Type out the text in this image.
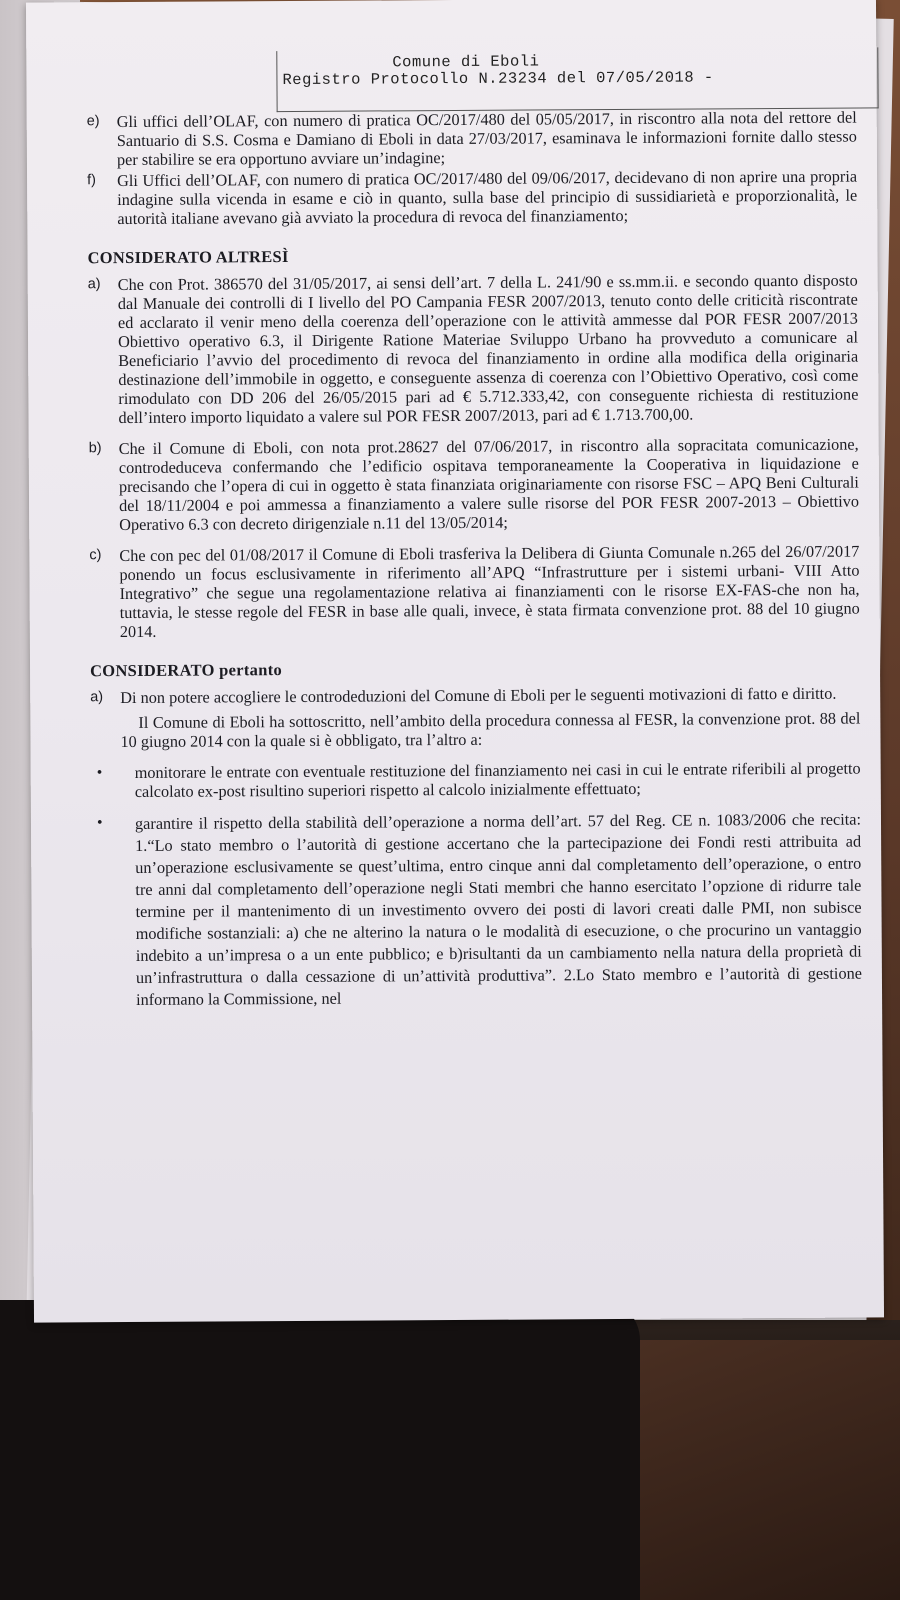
Comune di Eboli
Registro Protocollo N.23234 del 07/05/2018 -
e)	Gli uffici dell’OLAF, con numero di pratica OC/2017/480 del 05/05/2017, in riscontro alla nota del rettore del Santuario di S.S. Cosma e Damiano di Eboli in data 27/03/2017, esaminava le informazioni fornite dallo stesso per stabilire se era opportuno avviare un’indagine;
f)	Gli Uffici dell’OLAF, con numero di pratica OC/2017/480 del 09/06/2017, decidevano di non aprire una propria indagine sulla vicenda in esame e ciò in quanto, sulla base del principio di sussidiarietà e proporzionalità, le autorità italiane avevano già avviato la procedura di revoca del finanziamento;
CONSIDERATO ALTRESÌ
a)	Che con Prot. 386570 del 31/05/2017, ai sensi dell’art. 7 della L. 241/90 e ss.mm.ii. e secondo quanto disposto dal Manuale dei controlli di I livello del PO Campania FESR 2007/2013, tenuto conto delle criticità riscontrate ed acclarato il venir meno della coerenza dell’operazione con le attività ammesse dal POR FESR 2007/2013 Obiettivo operativo 6.3, il Dirigente Ratione Materiae Sviluppo Urbano ha provveduto a comunicare al Beneficiario l’avvio del procedimento di revoca del finanziamento in ordine alla modifica della originaria destinazione dell’immobile in oggetto, e conseguente assenza di coerenza con l’Obiettivo Operativo, così come rimodulato con DD 206 del 26/05/2015 pari ad € 5.712.333,42, con conseguente richiesta di restituzione dell’intero importo liquidato a valere sul POR FESR 2007/2013, pari ad € 1.713.700,00.
b)	Che il Comune di Eboli, con nota prot.28627 del 07/06/2017, in riscontro alla sopracitata comunicazione, controdeduceva confermando che l’edificio ospitava temporaneamente la Cooperativa in liquidazione e precisando che l’opera di cui in oggetto è stata finanziata originariamente con risorse FSC – APQ Beni Culturali del 18/11/2004 e poi ammessa a finanziamento a valere sulle risorse del POR FESR 2007-2013 – Obiettivo Operativo 6.3 con decreto dirigenziale n.11 del 13/05/2014;
c)	Che con pec del 01/08/2017 il Comune di Eboli trasferiva la Delibera di Giunta Comunale n.265 del 26/07/2017 ponendo un focus esclusivamente in riferimento all’APQ “Infrastrutture per i sistemi urbani- VIII Atto Integrativo” che segue una regolamentazione relativa ai finanziamenti con le risorse EX-FAS-che non ha, tuttavia, le stesse regole del FESR in base alle quali, invece, è stata firmata convenzione prot. 88 del 10 giugno 2014.
CONSIDERATO pertanto
a)	Di non potere accogliere le controdeduzioni del Comune di Eboli per le seguenti motivazioni di fatto e diritto.
Il Comune di Eboli ha sottoscritto, nell’ambito della procedura connessa al FESR, la convenzione prot. 88 del 10 giugno 2014 con la quale si è obbligato, tra l’altro a:
•	monitorare le entrate con eventuale restituzione del finanziamento nei casi in cui le entrate riferibili al progetto calcolato ex-post risultino superiori rispetto al calcolo inizialmente effettuato;
•	garantire il rispetto della stabilità dell’operazione a norma dell’art. 57 del Reg. CE n. 1083/2006 che recita: 1.“Lo stato membro o l’autorità di gestione accertano che la partecipazione dei Fondi resti attribuita ad un’operazione esclusivamente se quest’ultima, entro cinque anni dal completamento dell’operazione, o entro tre anni dal completamento dell’operazione negli Stati membri che hanno esercitato l’opzione di ridurre tale termine per il mantenimento di un investimento ovvero dei posti di lavori creati dalle PMI, non subisce modifiche sostanziali: a) che ne alterino la natura o le modalità di esecuzione, o che procurino un vantaggio indebito a un’impresa o a un ente pubblico; e b)risultanti da un cambiamento nella natura della proprietà di un’infrastruttura o dalla cessazione di un’attività produttiva”. 2.Lo Stato membro e l’autorità di gestione informano la Commissione, nel
